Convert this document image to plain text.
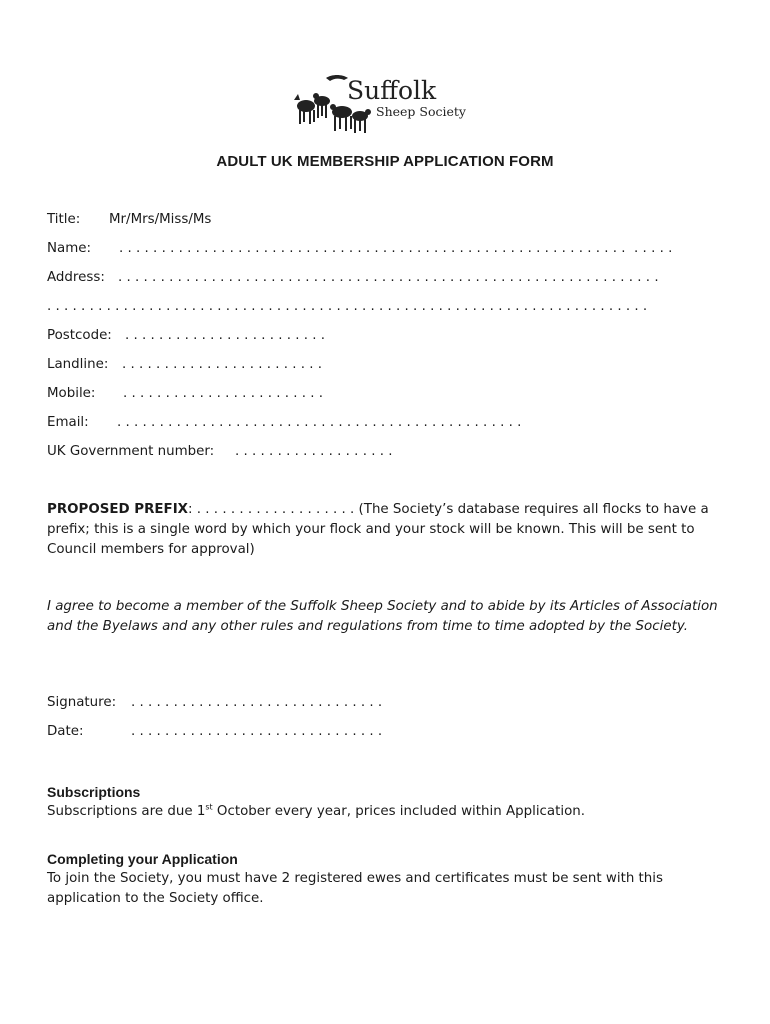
Suffolk
Sheep Society
ADULT UK MEMBERSHIP APPLICATION FORM
Title: Mr/Mrs/Miss/Ms
Name: . . . . . . . . . . . . . . . . . . . . . . . . . . . . . . . . . . . . . . . . . . . . . . . . . . . . . . . . . . . .  . . . . .
Address: . . . . . . . . . . . . . . . . . . . . . . . . . . . . . . . . . . . . . . . . . . . . . . . . . . . . . . . . . . . . . . . .
. . . . . . . . . . . . . . . . . . . . . . . . . . . . . . . . . . . . . . . . . . . . . . . . . . . . . . . . . . . . . . . . . . . . . . .
Postcode: . . . . . . . . . . . . . . . . . . . . . . . .
Landline: . . . . . . . . . . . . . . . . . . . . . . . .
Mobile: . . . . . . . . . . . . . . . . . . . . . . . .
Email: . . . . . . . . . . . . . . . . . . . . . . . . . . . . . . . . . . . . . . . . . . . . . . . .
UK Government number: . . . . . . . . . . . . . . . . . . .
PROPOSED PREFIX: . . . . . . . . . . . . . . . . . . . (The Society’s database requires all flocks to have a prefix; this is a single word by which your flock and your stock will be known. This will be sent to Council members for approval)
I agree to become a member of the Suffolk Sheep Society and to abide by its Articles of Association and the Byelaws and any other rules and regulations from time to time adopted by the Society.
Signature: . . . . . . . . . . . . . . . . . . . . . . . . . . . . . .
Date:	. . . . . . . . . . . . . . . . . . . . . . . . . . . . . .
Subscriptions
Subscriptions are due 1st October every year, prices included within Application.
Completing your Application
To join the Society, you must have 2 registered ewes and certificates must be sent with this application to the Society office.
